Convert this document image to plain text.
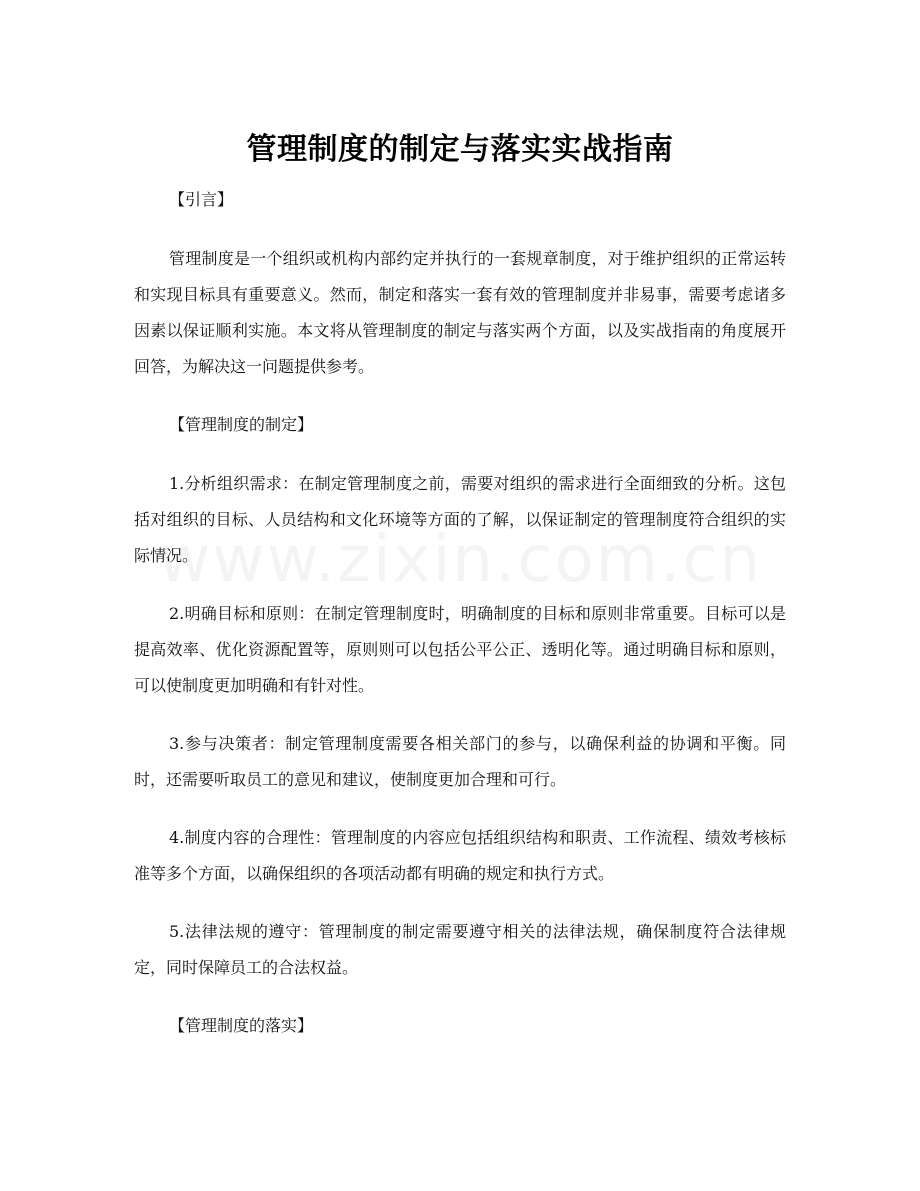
管理制度的制定与落实实战指南

【引言】

管理制度是一个组织或机构内部约定并执行的一套规章制度，对于维护组织的正常运转和实现目标具有重要意义。然而，制定和落实一套有效的管理制度并非易事，需要考虑诸多因素以保证顺利实施。本文将从管理制度的制定与落实两个方面，以及实战指南的角度展开回答，为解决这一问题提供参考。

【管理制度的制定】

1.分析组织需求：在制定管理制度之前，需要对组织的需求进行全面细致的分析。这包括对组织的目标、人员结构和文化环境等方面的了解，以保证制定的管理制度符合组织的实际情况。

2.明确目标和原则：在制定管理制度时，明确制度的目标和原则非常重要。目标可以是提高效率、优化资源配置等，原则则可以包括公平公正、透明化等。通过明确目标和原则，可以使制度更加明确和有针对性。

3.参与决策者：制定管理制度需要各相关部门的参与，以确保利益的协调和平衡。同时，还需要听取员工的意见和建议，使制度更加合理和可行。

4.制度内容的合理性：管理制度的内容应包括组织结构和职责、工作流程、绩效考核标准等多个方面，以确保组织的各项活动都有明确的规定和执行方式。

5.法律法规的遵守：管理制度的制定需要遵守相关的法律法规，确保制度符合法律规定，同时保障员工的合法权益。

【管理制度的落实】
